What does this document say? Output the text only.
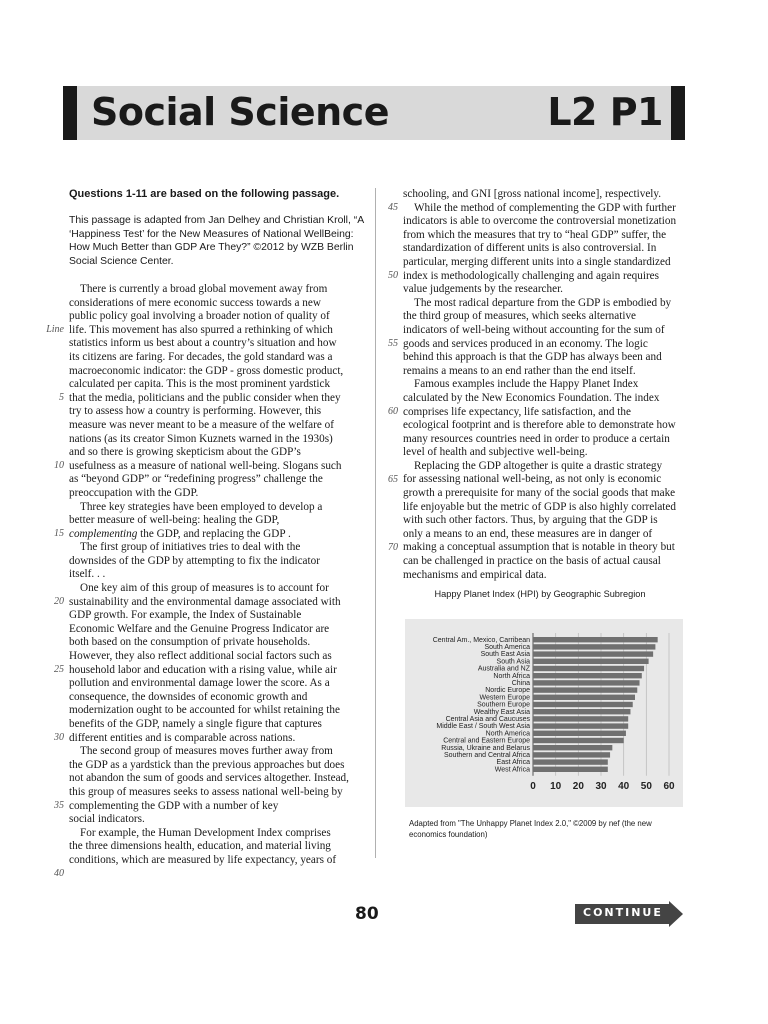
Social Science	L2 P1
Questions 1-11 are based on the following passage.
This passage is adapted from Jan Delhey and Christian Kroll, “A ‘Happiness Test’ for the New Measures of National WellBeing: How Much Better than GDP Are They?” ©2012 by WZB Berlin Social Science Center.
There is currently a broad global movement away from
considerations of mere economic success towards a new
public policy goal involving a broader notion of quality of
life. This movement has also spurred a rethinking of which
statistics inform us best about a country’s situation and how
its citizens are faring. For decades, the gold standard was a
macroeconomic indicator: the GDP - gross domestic product,
calculated per capita. This is the most prominent yardstick
that the media, politicians and the public consider when they
try to assess how a country is performing. However, this
measure was never meant to be a measure of the welfare of
nations (as its creator Simon Kuznets warned in the 1930s)
and so there is growing skepticism about the GDP’s
usefulness as a measure of national well-being. Slogans such
as “beyond GDP” or “redefining progress” challenge the
preoccupation with the GDP.
Three key strategies have been employed to develop a
better measure of well-being: healing the GDP,
complementing the GDP, and replacing the GDP .
The first group of initiatives tries to deal with the
downsides of the GDP by attempting to fix the indicator
itself. . .
One key aim of this group of measures is to account for
sustainability and the environmental damage associated with
GDP growth. For example, the Index of Sustainable
Economic Welfare and the Genuine Progress Indicator are
both based on the consumption of private households.
However, they also reflect additional social factors such as
household labor and education with a rising value, while air
pollution and environmental damage lower the score. As a
consequence, the downsides of economic growth and
modernization ought to be accounted for whilst retaining the
benefits of the GDP, namely a single figure that captures
different entities and is comparable across nations.
The second group of measures moves further away from
the GDP as a yardstick than the previous approaches but does
not abandon the sum of goods and services altogether. Instead,
this group of measures seeks to assess national well-being by
complementing the GDP with a number of key
social indicators.
For example, the Human Development Index comprises
the three dimensions health, education, and material living
conditions, which are measured by life expectancy, years of
schooling, and GNI [gross national income], respectively.
While the method of complementing the GDP with further
indicators is able to overcome the controversial monetization
from which the measures that try to “heal GDP” suffer, the
standardization of different units is also controversial. In
particular, merging different units into a single standardized
index is methodologically challenging and again requires
value judgements by the researcher.
The most radical departure from the GDP is embodied by
the third group of measures, which seeks alternative
indicators of well-being without accounting for the sum of
goods and services produced in an economy. The logic
behind this approach is that the GDP has always been and
remains a means to an end rather than the end itself.
Famous examples include the Happy Planet Index
calculated by the New Economics Foundation. The index
comprises life expectancy, life satisfaction, and the
ecological footprint and is therefore able to demonstrate how
many resources countries need in order to produce a certain
level of health and subjective well-being.
Replacing the GDP altogether is quite a drastic strategy
for assessing national well-being, as not only is economic
growth a prerequisite for many of the social goods that make
life enjoyable but the metric of GDP is also highly correlated
with such other factors. Thus, by arguing that the GDP is
only a means to an end, these measures are in danger of
making a conceptual assumption that is notable in theory but
can be challenged in practice on the basis of actual causal
mechanisms and empirical data.
Line
5
10
15
20
25
30
35
40
45
50
55
60
65
70
Happy Planet Index (HPI) by Geographic Subregion
0 10 20 30 40 50 60
Central Am., Mexico, Carribean
South America
South East Asia
South Asia
Australia and NZ
North Africa
China
Nordic Europe
Western Europe
Southern Europe
Wealthy East Asia
Central Asia and Caucuses
Middle East / South West Asia
North America
Central and Eastern Europe
Russia, Ukraine and Belarus
Southern and Central Africa
East Africa
West Africa
Adapted from "The Unhappy Planet Index 2.0," ©2009 by nef (the new economics foundation)
80	CONTINUE
